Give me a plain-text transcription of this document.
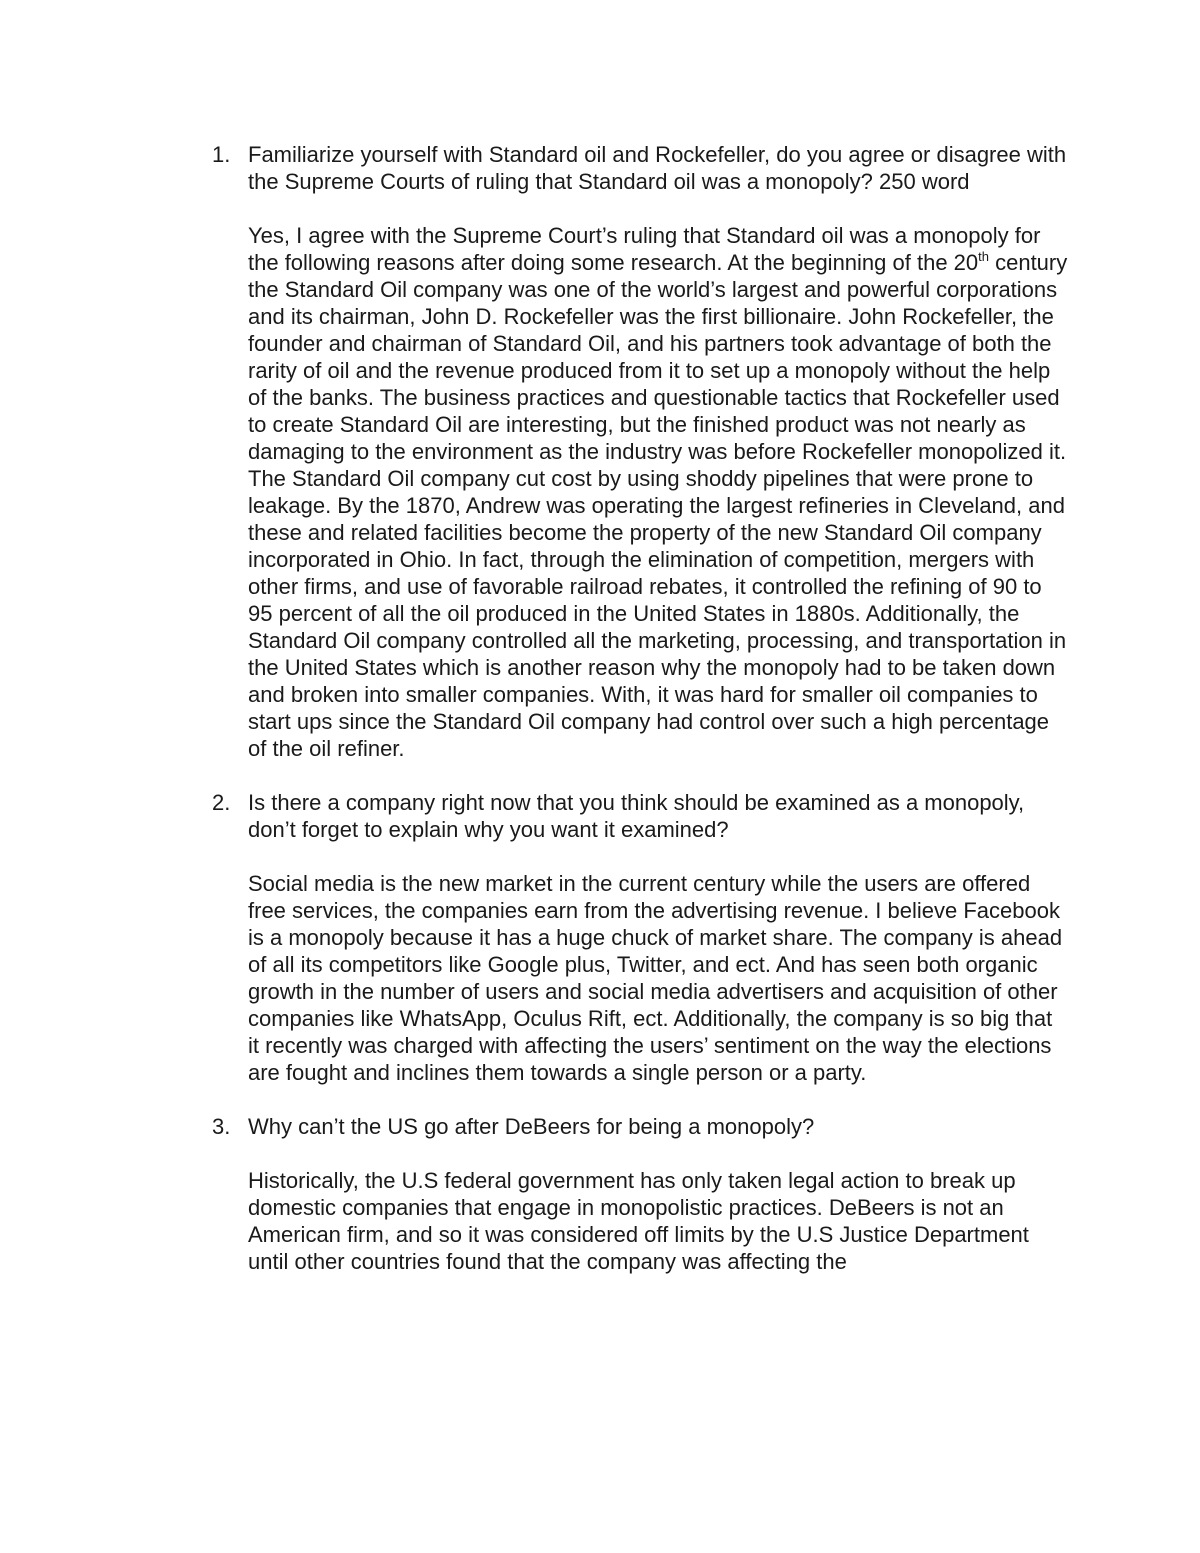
1. Familiarize yourself with Standard oil and Rockefeller, do you agree or disagree with the Supreme Courts of ruling that Standard oil was a monopoly? 250 word

Yes, I agree with the Supreme Court’s ruling that Standard oil was a monopoly for the following reasons after doing some research. At the beginning of the 20th century the Standard Oil company was one of the world’s largest and powerful corporations and its chairman, John D. Rockefeller was the first billionaire. John Rockefeller, the founder and chairman of Standard Oil, and his partners took advantage of both the rarity of oil and the revenue produced from it to set up a monopoly without the help of the banks. The business practices and questionable tactics that Rockefeller used to create Standard Oil are interesting, but the finished product was not nearly as damaging to the environment as the industry was before Rockefeller monopolized it. The Standard Oil company cut cost by using shoddy pipelines that were prone to leakage. By the 1870, Andrew was operating the largest refineries in Cleveland, and these and related facilities become the property of the new Standard Oil company incorporated in Ohio. In fact, through the elimination of competition, mergers with other firms, and use of favorable railroad rebates, it controlled the refining of 90 to 95 percent of all the oil produced in the United States in 1880s. Additionally, the Standard Oil company controlled all the marketing, processing, and transportation in the United States which is another reason why the monopoly had to be taken down and broken into smaller companies. With, it was hard for smaller oil companies to start ups since the Standard Oil company had control over such a high percentage of the oil refiner.

2. Is there a company right now that you think should be examined as a monopoly, don’t forget to explain why you want it examined?

Social media is the new market in the current century while the users are offered free services, the companies earn from the advertising revenue. I believe Facebook is a monopoly because it has a huge chuck of market share. The company is ahead of all its competitors like Google plus, Twitter, and ect. And has seen both organic growth in the number of users and social media advertisers and acquisition of other companies like WhatsApp, Oculus Rift, ect. Additionally, the company is so big that it recently was charged with affecting the users’ sentiment on the way the elections are fought and inclines them towards a single person or a party.

3. Why can’t the US go after DeBeers for being a monopoly?

Historically, the U.S federal government has only taken legal action to break up domestic companies that engage in monopolistic practices. DeBeers is not an American firm, and so it was considered off limits by the U.S Justice Department until other countries found that the company was affecting the
